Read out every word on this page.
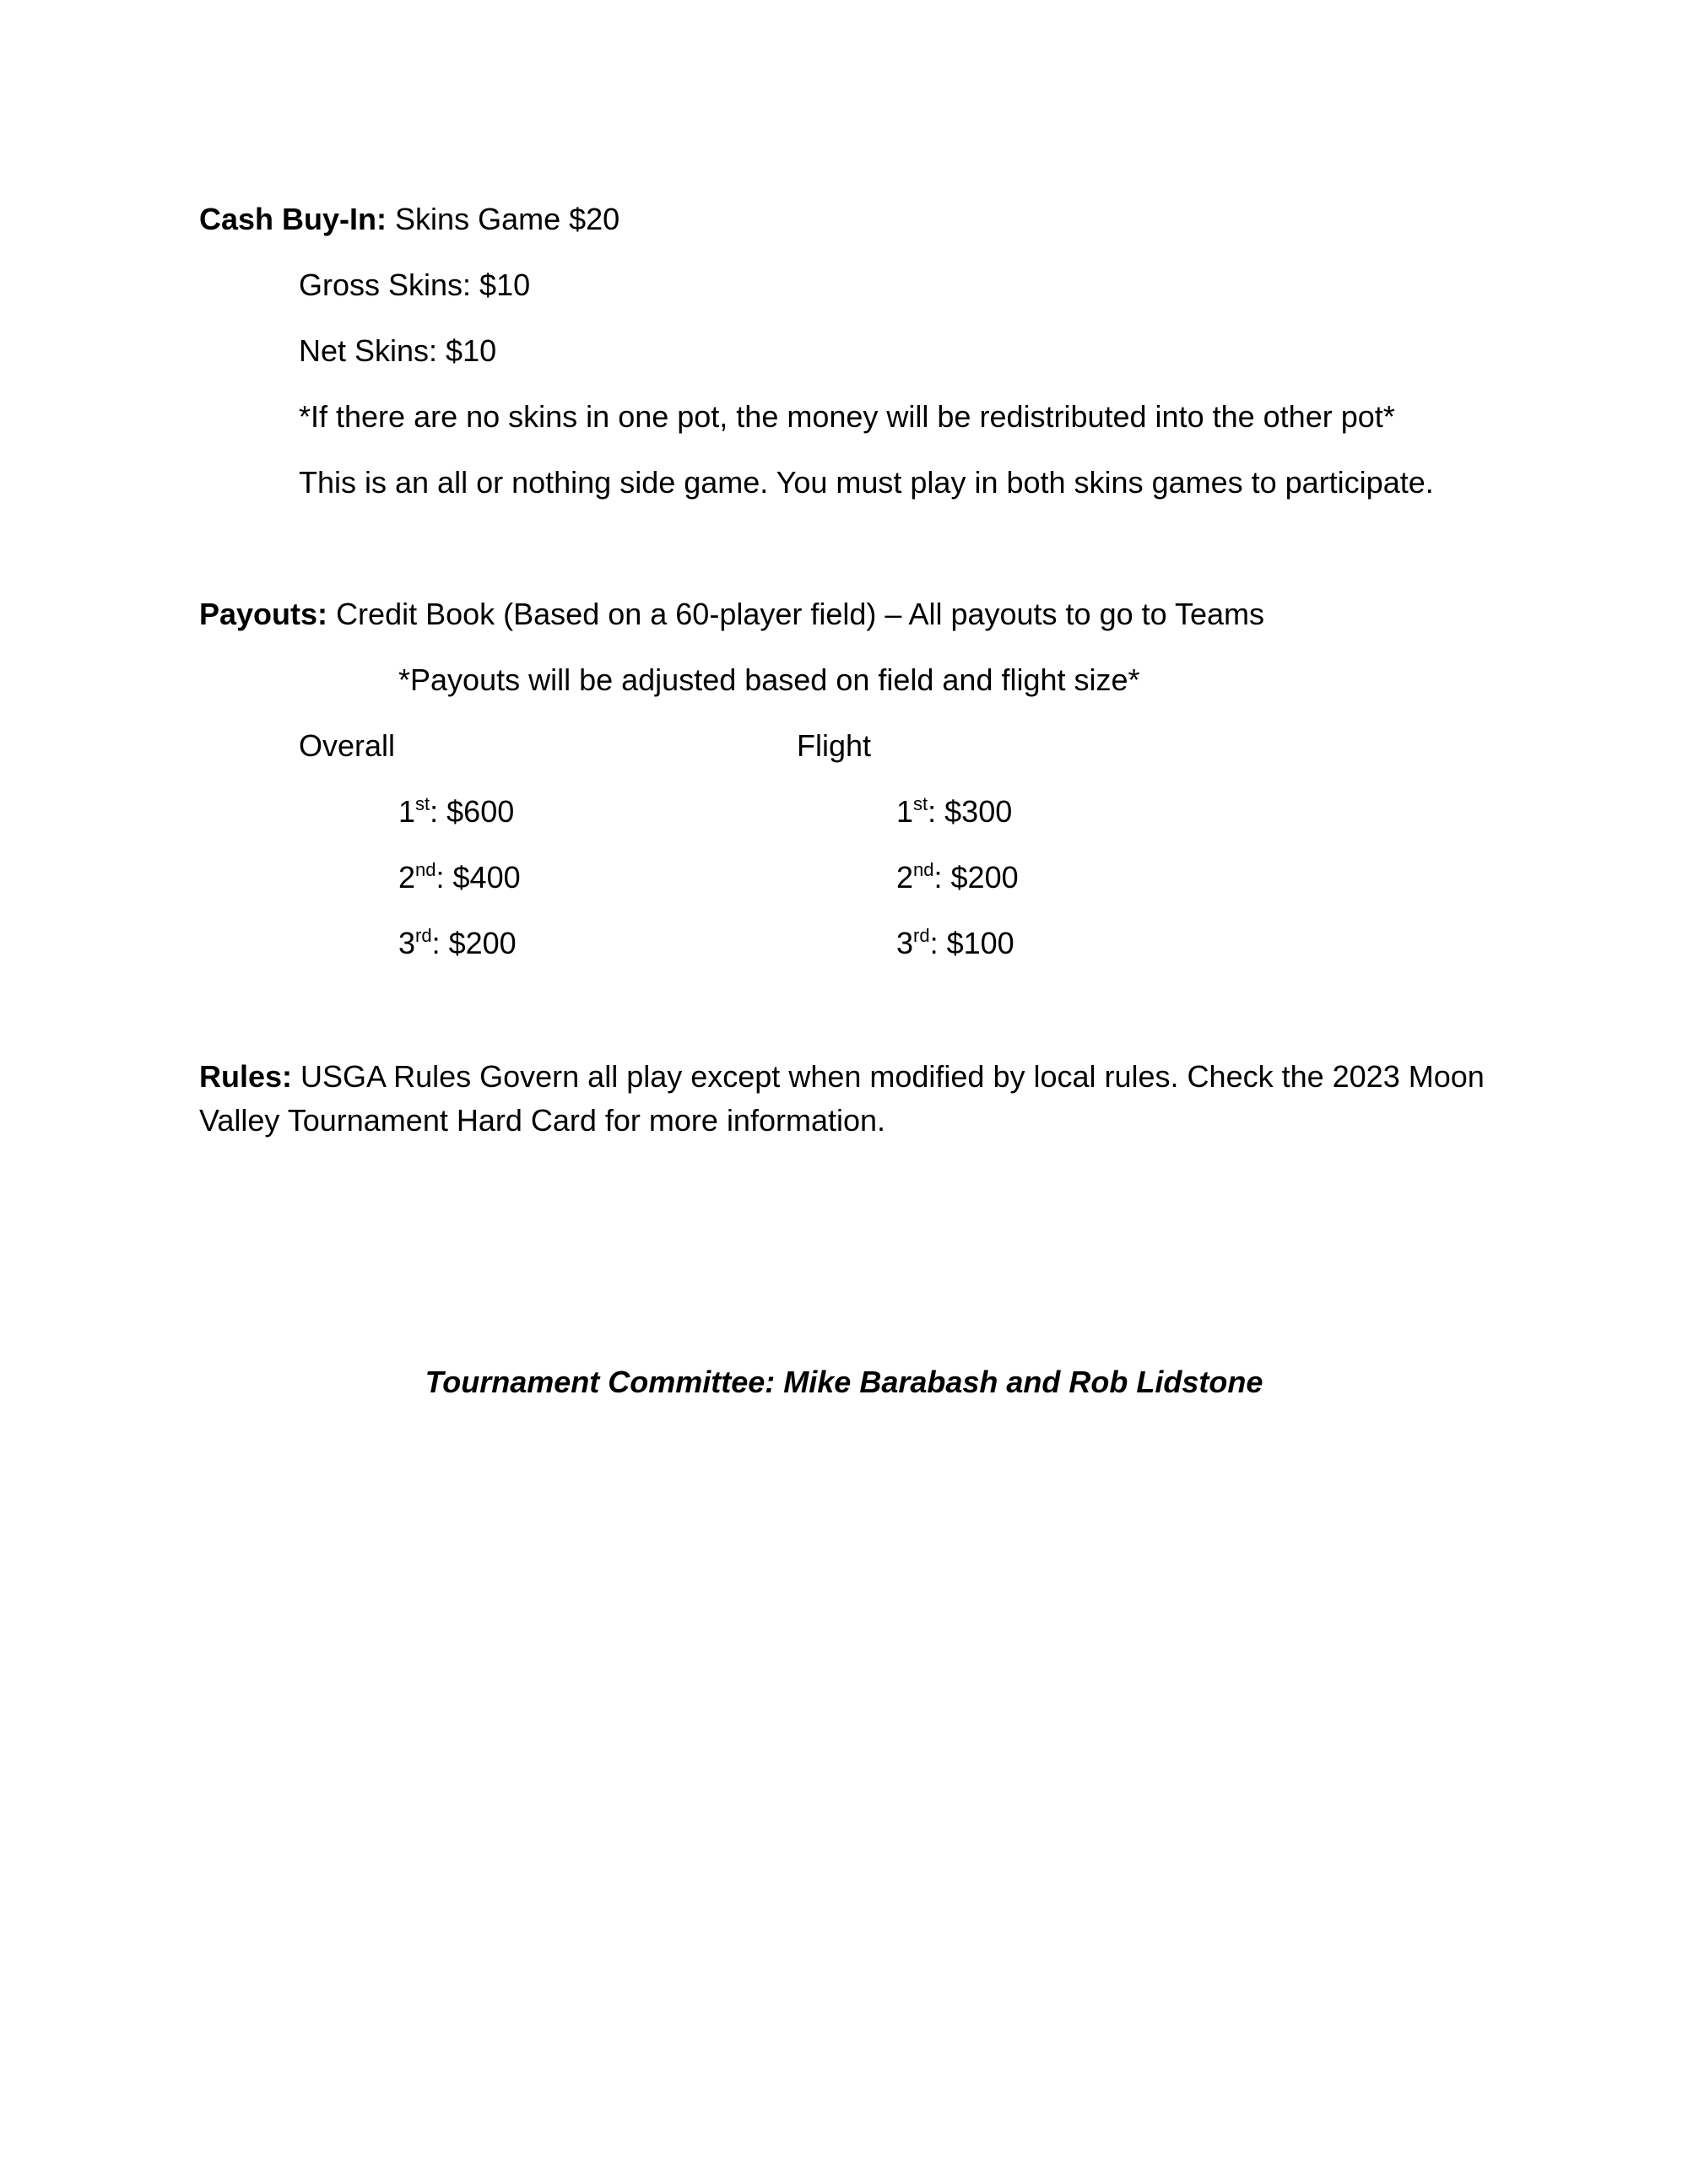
Cash Buy-In: Skins Game $20
Gross Skins: $10
Net Skins: $10
*If there are no skins in one pot, the money will be redistributed into the other pot*
This is an all or nothing side game. You must play in both skins games to participate.
Payouts: Credit Book (Based on a 60-player field) – All payouts to go to Teams
*Payouts will be adjusted based on field and flight size*
Overall	Flight
1st: $600
2nd: $400
3rd: $200
1st: $300
2nd: $200
3rd: $100
Rules: USGA Rules Govern all play except when modified by local rules. Check the 2023 Moon
Valley Tournament Hard Card for more information.
Tournament Committee: Mike Barabash and Rob Lidstone
